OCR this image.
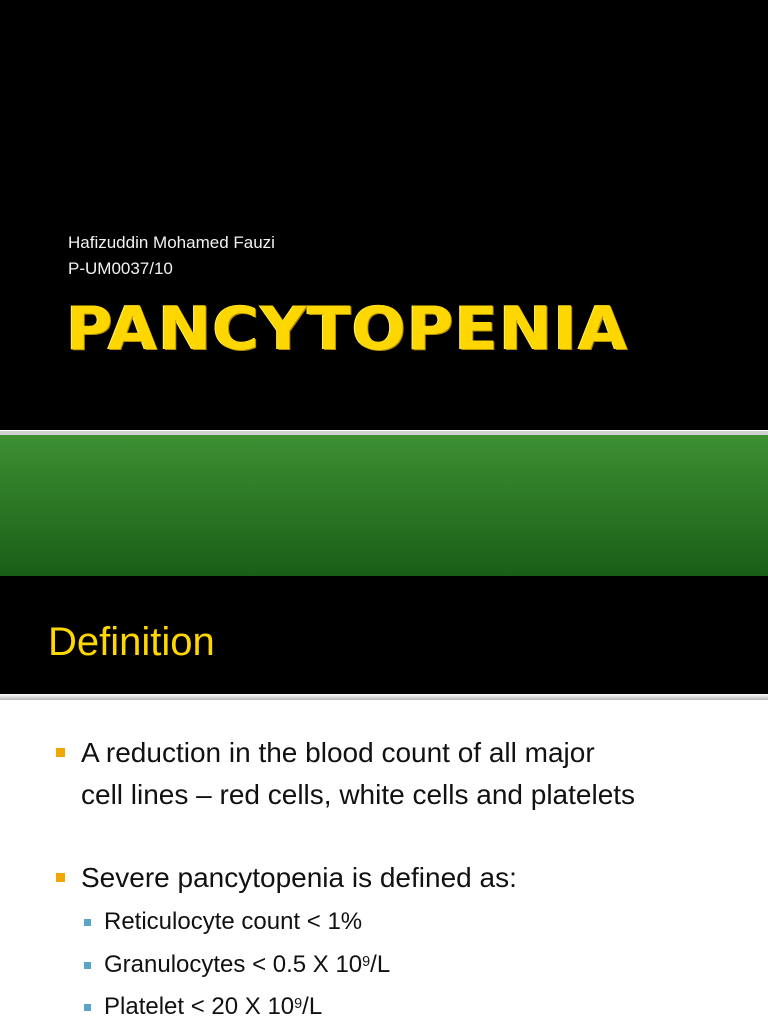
Hafizuddin Mohamed Fauzi
P-UM0037/10
PANCYTOPENIA
Definition
A reduction in the blood count of all major
cell lines – red cells, white cells and platelets
Severe pancytopenia is defined as:
Reticulocyte count < 1%
Granulocytes < 0.5 X $10^9/L$
Platelet < 20 X $10^9/L$
